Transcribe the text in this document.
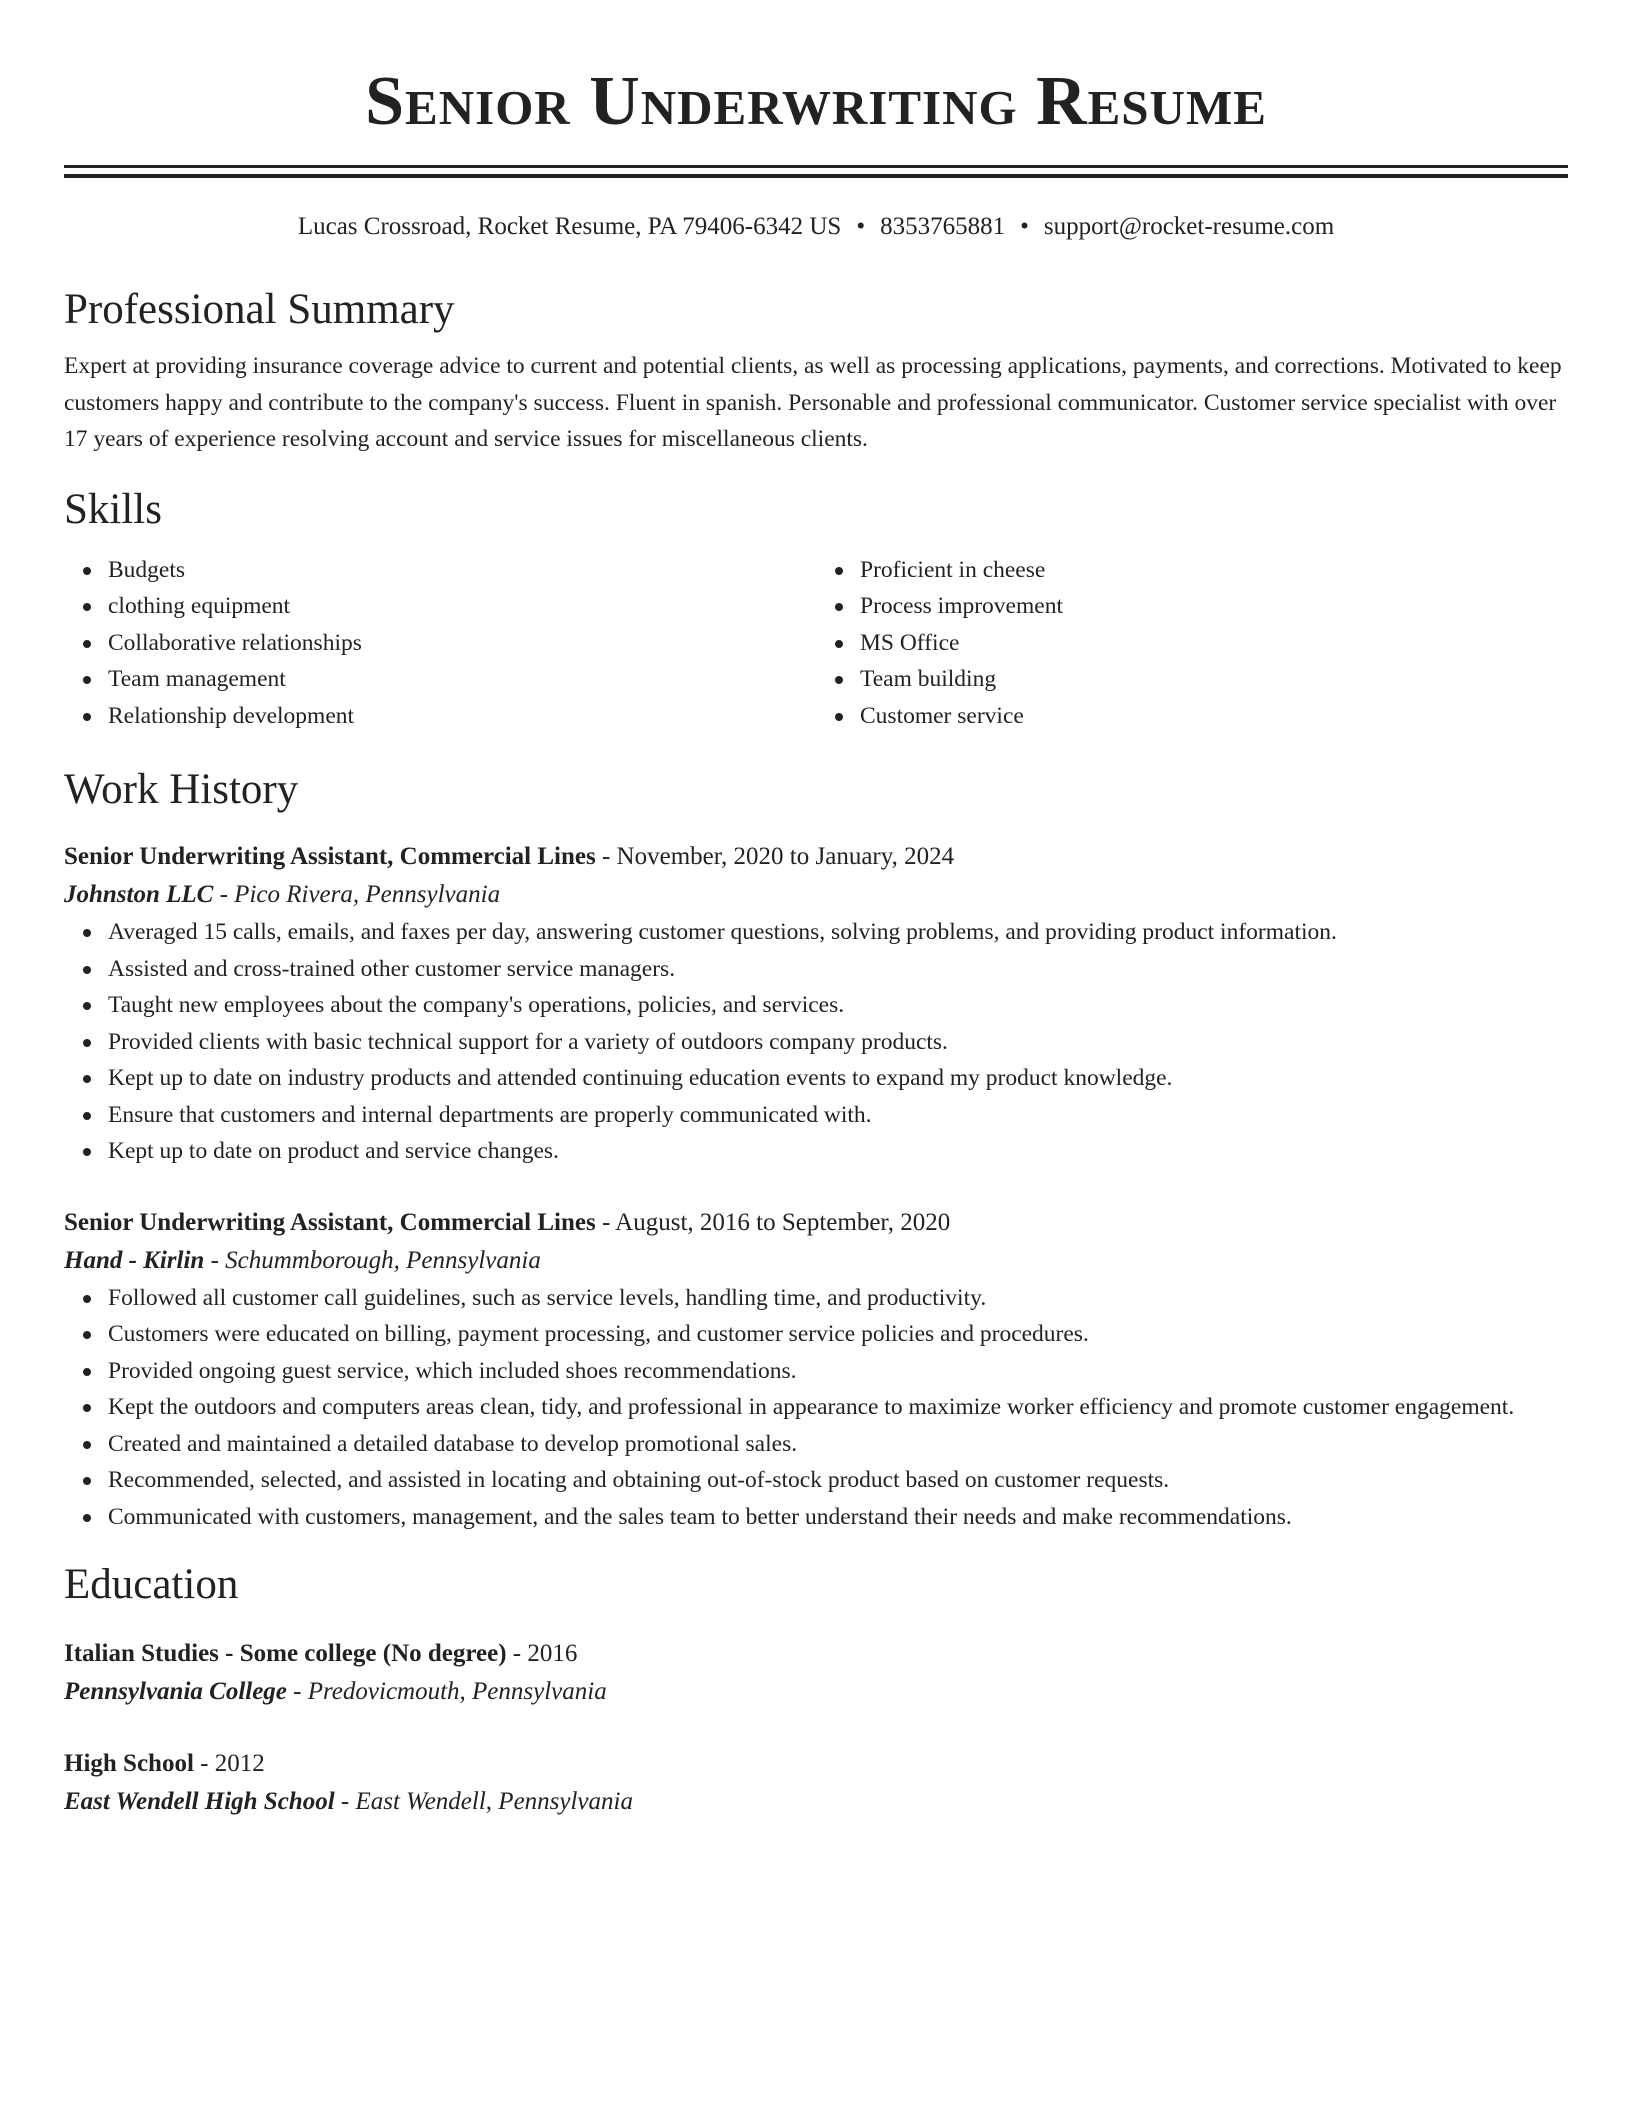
Senior Underwriting Resume
Lucas Crossroad, Rocket Resume, PA 79406-6342 US • 8353765881 • support@rocket-resume.com
Professional Summary

Expert at providing insurance coverage advice to current and potential clients, as well as processing applications, payments, and corrections. Motivated to keep customers happy and contribute to the company's success. Fluent in spanish. Personable and professional communicator. Customer service specialist with over 17 years of experience resolving account and service issues for miscellaneous clients.

Skills
Budgets
clothing equipment
Collaborative relationships
Team management
Relationship development
Proficient in cheese
Process improvement
MS Office
Team building
Customer service
Work History
Senior Underwriting Assistant, Commercial Lines - November, 2020 to January, 2024
Johnston LLC - Pico Rivera, Pennsylvania
Averaged 15 calls, emails, and faxes per day, answering customer questions, solving problems, and providing product information.
Assisted and cross-trained other customer service managers.
Taught new employees about the company's operations, policies, and services.
Provided clients with basic technical support for a variety of outdoors company products.
Kept up to date on industry products and attended continuing education events to expand my product knowledge.
Ensure that customers and internal departments are properly communicated with.
Kept up to date on product and service changes.
Senior Underwriting Assistant, Commercial Lines - August, 2016 to September, 2020
Hand - Kirlin - Schummborough, Pennsylvania
Followed all customer call guidelines, such as service levels, handling time, and productivity.
Customers were educated on billing, payment processing, and customer service policies and procedures.
Provided ongoing guest service, which included shoes recommendations.
Kept the outdoors and computers areas clean, tidy, and professional in appearance to maximize worker efficiency and promote customer engagement.
Created and maintained a detailed database to develop promotional sales.
Recommended, selected, and assisted in locating and obtaining out-of-stock product based on customer requests.
Communicated with customers, management, and the sales team to better understand their needs and make recommendations.
Education
Italian Studies - Some college (No degree) - 2016
Pennsylvania College - Predovicmouth, Pennsylvania
High School - 2012
East Wendell High School - East Wendell, Pennsylvania
